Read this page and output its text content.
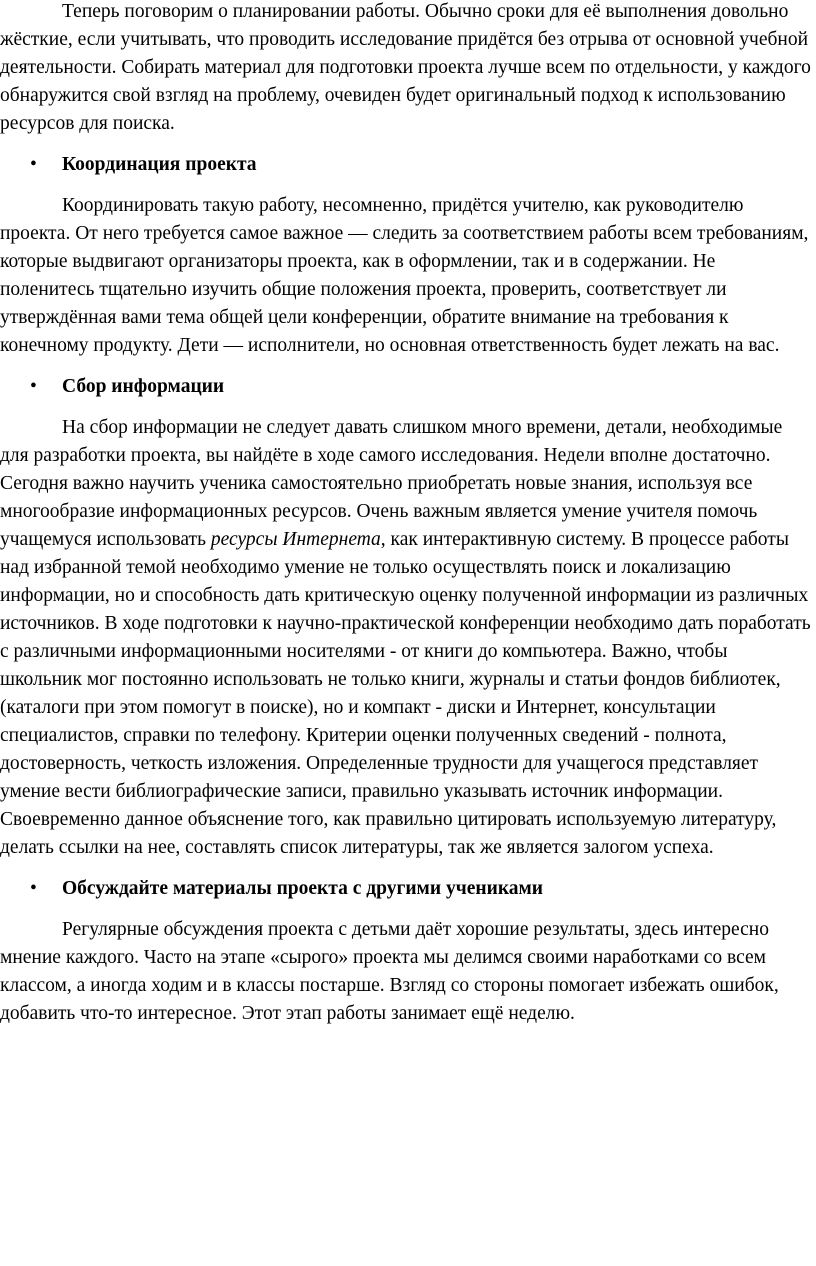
Теперь поговорим о планировании работы. Обычно сроки для её выполнения довольно жёсткие, если учитывать, что проводить исследование придётся без отрыва от основной учебной деятельности. Собирать материал для подготовки проекта лучше всем по отдельности, у каждого обнаружится свой взгляд на проблему, очевиден будет оригинальный подход к использованию ресурсов для поиска.

• Координация проекта

Координировать такую работу, несомненно, придётся учителю, как руководителю проекта. От него требуется самое важное — следить за соответствием работы всем требованиям, которые выдвигают организаторы проекта, как в оформлении, так и в содержании. Не поленитесь тщательно изучить общие положения проекта, проверить, соответствует ли утверждённая вами тема общей цели конференции, обратите внимание на требования к конечному продукту. Дети — исполнители, но основная ответственность будет лежать на вас.

• Сбор информации

На сбор информации не следует давать слишком много времени, детали, необходимые для разработки проекта, вы найдёте в ходе самого исследования. Недели вполне достаточно. Сегодня важно научить ученика самостоятельно приобретать новые знания, используя все многообразие информационных ресурсов. Очень важным является умение учителя помочь учащемуся использовать ресурсы Интернета, как интерактивную систему. В процессе работы над избранной темой необходимо умение не только осуществлять поиск и локализацию информации, но и способность дать критическую оценку полученной информации из различных источников. В ходе подготовки к научно-практической конференции необходимо дать поработать с различными информационными носителями - от книги до компьютера. Важно, чтобы школьник мог постоянно использовать не только книги, журналы и статьи фондов библиотек, (каталоги при этом помогут в поиске), но и компакт - диски и Интернет, консультации специалистов, справки по телефону. Критерии оценки полученных сведений - полнота, достоверность, четкость изложения. Определенные трудности для учащегося представляет умение вести библиографические записи, правильно указывать источник информации. Своевременно данное объяснение того, как правильно цитировать используемую литературу, делать ссылки на нее, составлять список литературы, так же является залогом успеха.

• Обсуждайте материалы проекта с другими учениками

Регулярные обсуждения проекта с детьми даёт хорошие результаты, здесь интересно мнение каждого. Часто на этапе «сырого» проекта мы делимся своими наработками со всем классом, а иногда ходим и в классы постарше. Взгляд со стороны помогает избежать ошибок, добавить что-то интересное. Этот этап работы занимает ещё неделю.
